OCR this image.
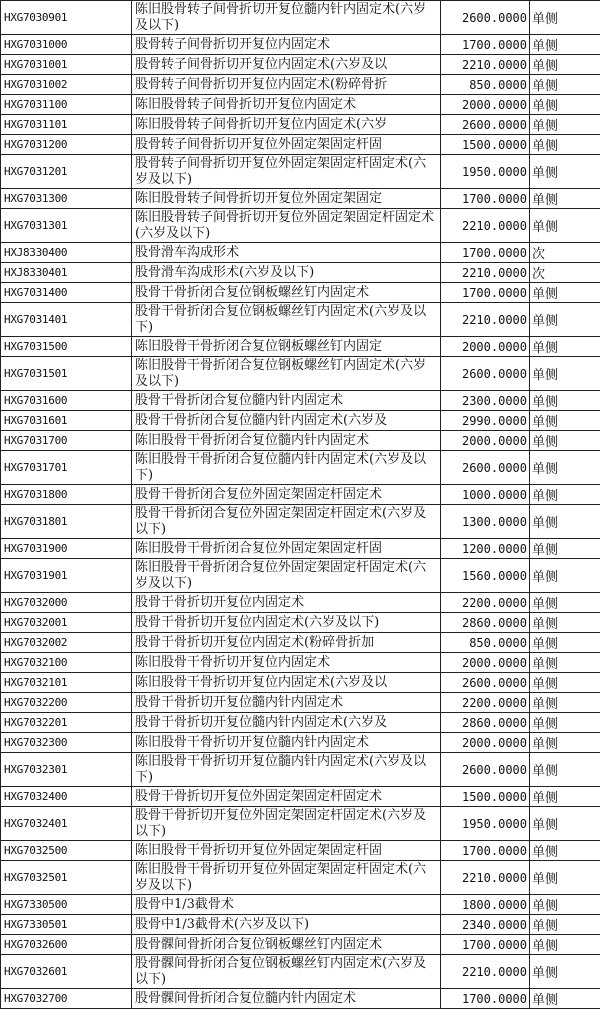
HXG7030901	陈旧股骨转子间骨折切开复位髓内针内固定术(六岁及以下)	2600.0000	单侧
HXG7031000	股骨转子间骨折切开复位内固定术	1700.0000	单侧
HXG7031001	股骨转子间骨折切开复位内固定术(六岁及以	2210.0000	单侧
HXG7031002	股骨转子间骨折切开复位内固定术(粉碎骨折	850.0000	单侧
HXG7031100	陈旧股骨转子间骨折切开复位内固定术	2000.0000	单侧
HXG7031101	陈旧股骨转子间骨折切开复位内固定术(六岁	2600.0000	单侧
HXG7031200	股骨转子间骨折切开复位外固定架固定杆固	1500.0000	单侧
HXG7031201	股骨转子间骨折切开复位外固定架固定杆固定术(六岁及以下)	1950.0000	单侧
HXG7031300	陈旧股骨转子间骨折切开复位外固定架固定	1700.0000	单侧
HXG7031301	陈旧股骨转子间骨折切开复位外固定架固定杆固定术(六岁及以下)	2210.0000	单侧
HXJ8330400	股骨滑车沟成形术	1700.0000	次
HXJ8330401	股骨滑车沟成形术(六岁及以下)	2210.0000	次
HXG7031400	股骨干骨折闭合复位钢板螺丝钉内固定术	1700.0000	单侧
HXG7031401	股骨干骨折闭合复位钢板螺丝钉内固定术(六岁及以下)	2210.0000	单侧
HXG7031500	陈旧股骨干骨折闭合复位钢板螺丝钉内固定	2000.0000	单侧
HXG7031501	陈旧股骨干骨折闭合复位钢板螺丝钉内固定术(六岁及以下)	2600.0000	单侧
HXG7031600	股骨干骨折闭合复位髓内针内固定术	2300.0000	单侧
HXG7031601	股骨干骨折闭合复位髓内针内固定术(六岁及	2990.0000	单侧
HXG7031700	陈旧股骨干骨折闭合复位髓内针内固定术	2000.0000	单侧
HXG7031701	陈旧股骨干骨折闭合复位髓内针内固定术(六岁及以下)	2600.0000	单侧
HXG7031800	股骨干骨折闭合复位外固定架固定杆固定术	1000.0000	单侧
HXG7031801	股骨干骨折闭合复位外固定架固定杆固定术(六岁及以下)	1300.0000	单侧
HXG7031900	陈旧股骨干骨折闭合复位外固定架固定杆固	1200.0000	单侧
HXG7031901	陈旧股骨干骨折闭合复位外固定架固定杆固定术(六岁及以下)	1560.0000	单侧
HXG7032000	股骨干骨折切开复位内固定术	2200.0000	单侧
HXG7032001	股骨干骨折切开复位内固定术(六岁及以下)	2860.0000	单侧
HXG7032002	股骨干骨折切开复位内固定术(粉碎骨折加	850.0000	单侧
HXG7032100	陈旧股骨干骨折切开复位内固定术	2000.0000	单侧
HXG7032101	陈旧股骨干骨折切开复位内固定术(六岁及以	2600.0000	单侧
HXG7032200	股骨干骨折切开复位髓内针内固定术	2200.0000	单侧
HXG7032201	股骨干骨折切开复位髓内针内固定术(六岁及	2860.0000	单侧
HXG7032300	陈旧股骨干骨折切开复位髓内针内固定术	2000.0000	单侧
HXG7032301	陈旧股骨干骨折切开复位髓内针内固定术(六岁及以下)	2600.0000	单侧
HXG7032400	股骨干骨折切开复位外固定架固定杆固定术	1500.0000	单侧
HXG7032401	股骨干骨折切开复位外固定架固定杆固定术(六岁及以下)	1950.0000	单侧
HXG7032500	陈旧股骨干骨折切开复位外固定架固定杆固	1700.0000	单侧
HXG7032501	陈旧股骨干骨折切开复位外固定架固定杆固定术(六岁及以下)	2210.0000	单侧
HXG7330500	股骨中1/3截骨术	1800.0000	单侧
HXG7330501	股骨中1/3截骨术(六岁及以下)	2340.0000	单侧
HXG7032600	股骨髁间骨折闭合复位钢板螺丝钉内固定术	1700.0000	单侧
HXG7032601	股骨髁间骨折闭合复位钢板螺丝钉内固定术(六岁及以下)	2210.0000	单侧
HXG7032700	股骨髁间骨折闭合复位髓内针内固定术	1700.0000	单侧
